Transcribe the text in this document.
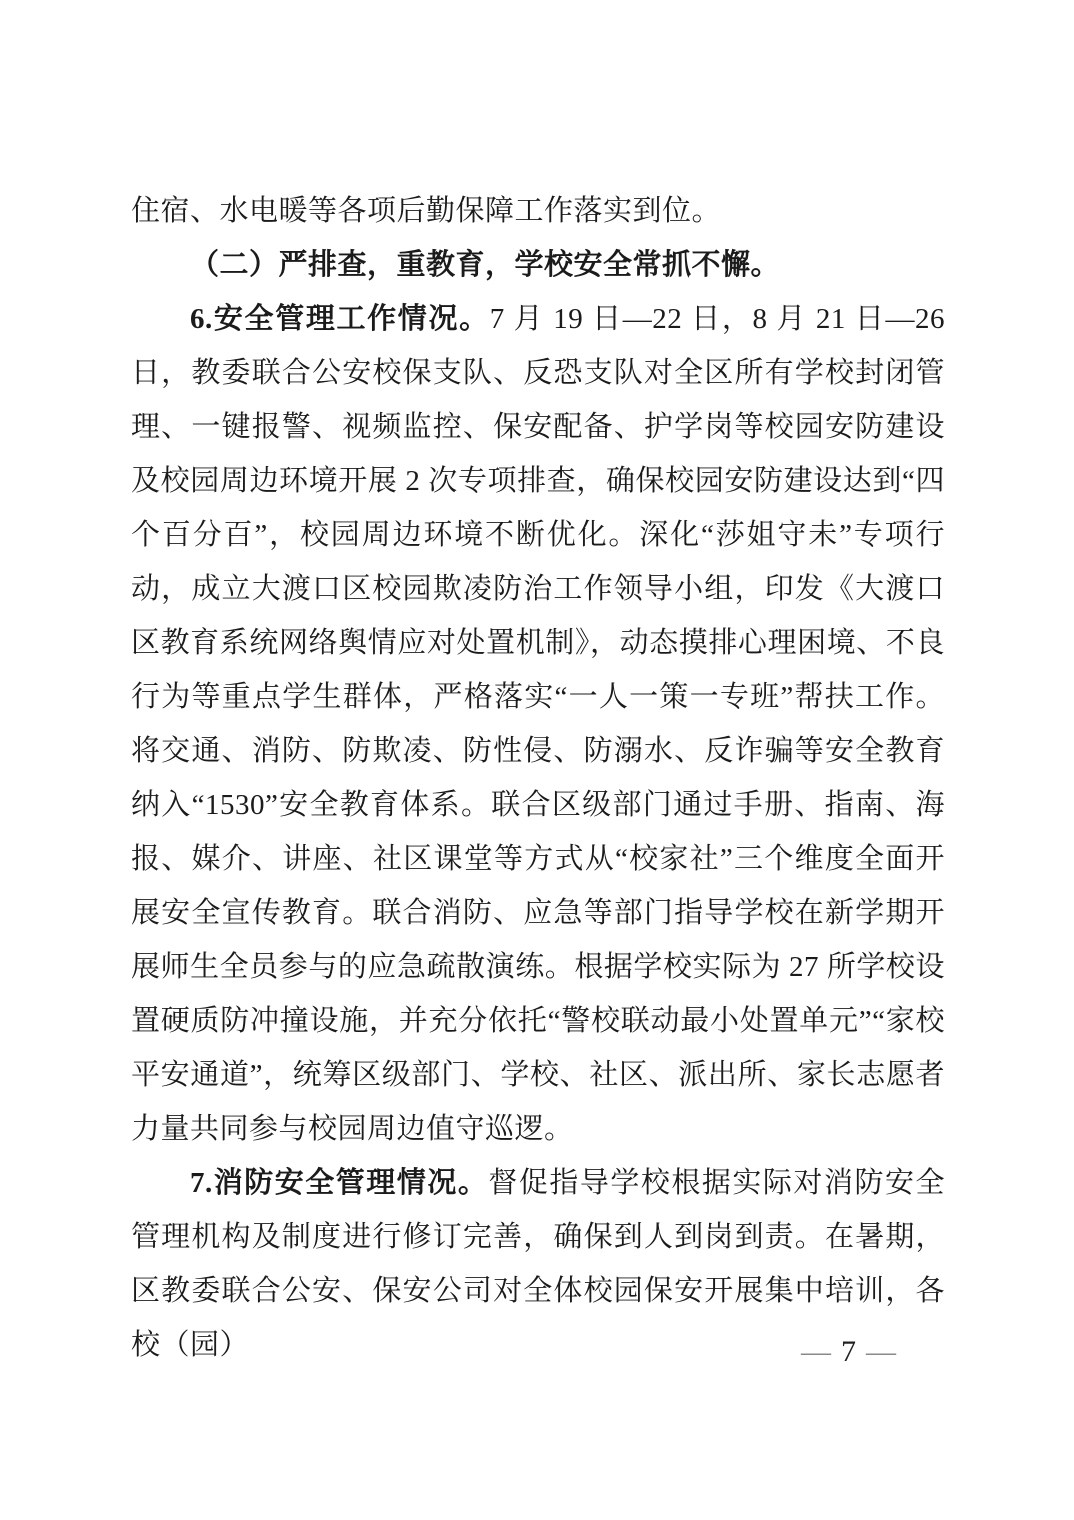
住宿、水电暖等各项后勤保障工作落实到位。

（二）严排查，重教育，学校安全常抓不懈。

6.安全管理工作情况。7 月 19 日—22 日，8 月 21 日—26 日，教委联合公安校保支队、反恐支队对全区所有学校封闭管理、一键报警、视频监控、保安配备、护学岗等校园安防建设及校园周边环境开展 2 次专项排查，确保校园安防建设达到“四个百分百”，校园周边环境不断优化。深化“莎姐守未”专项行动，成立大渡口区校园欺凌防治工作领导小组，印发《大渡口区教育系统网络舆情应对处置机制》，动态摸排心理困境、不良行为等重点学生群体，严格落实“一人一策一专班”帮扶工作。将交通、消防、防欺凌、防性侵、防溺水、反诈骗等安全教育纳入“1530”安全教育体系。联合区级部门通过手册、指南、海报、媒介、讲座、社区课堂等方式从“校家社”三个维度全面开展安全宣传教育。联合消防、应急等部门指导学校在新学期开展师生全员参与的应急疏散演练。根据学校实际为 27 所学校设置硬质防冲撞设施，并充分依托“警校联动最小处置单元”“家校平安通道”，统筹区级部门、学校、社区、派出所、家长志愿者力量共同参与校园周边值守巡逻。

7.消防安全管理情况。督促指导学校根据实际对消防安全管理机构及制度进行修订完善，确保到人到岗到责。在暑期，区教委联合公安、保安公司对全体校园保安开展集中培训，各校（园）	— 7 —
